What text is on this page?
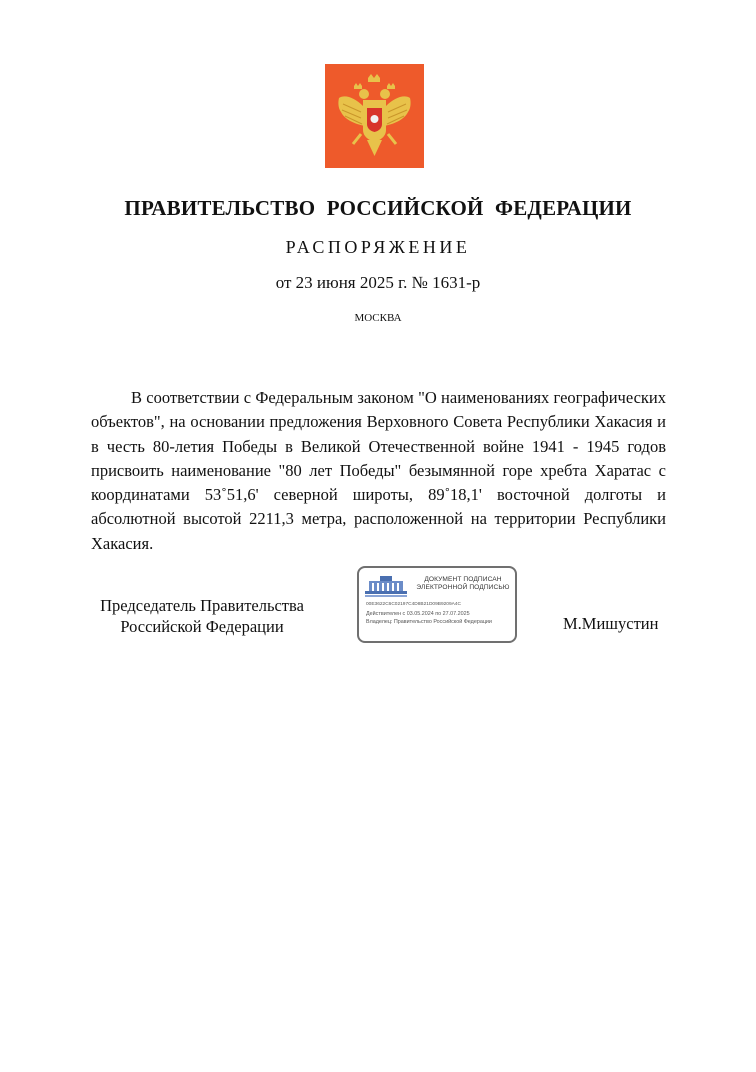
ПРАВИТЕЛЬСТВО РОССИЙСКОЙ ФЕДЕРАЦИИ
РАСПОРЯЖЕНИЕ
от 23 июня 2025 г. № 1631-р
МОСКВА

В соответствии с Федеральным законом "О наименованиях географических объектов", на основании предложения Верховного Совета Республики Хакасия и в честь 80-летия Победы в Великой Отечественной войне 1941 - 1945 годов присвоить наименование "80 лет Победы" безымянной горе хребта Харатас с координатами 53˚51,6' северной широты, 89˚18,1' восточной долготы и абсолютной высотой 2211,3 метра, расположенной на территории Республики Хакасия.

Председатель Правительства
Российской Федерации
ДОКУМЕНТ ПОДПИСАН
ЭЛЕКТРОННОЙ ПОДПИСЬЮ
00E3622C6C02197C4D8B21D09B9209A4C
Действителен с 03.05.2024 по 27.07.2025
Владелец: Правительство Российской Федерации	М.Мишустин
